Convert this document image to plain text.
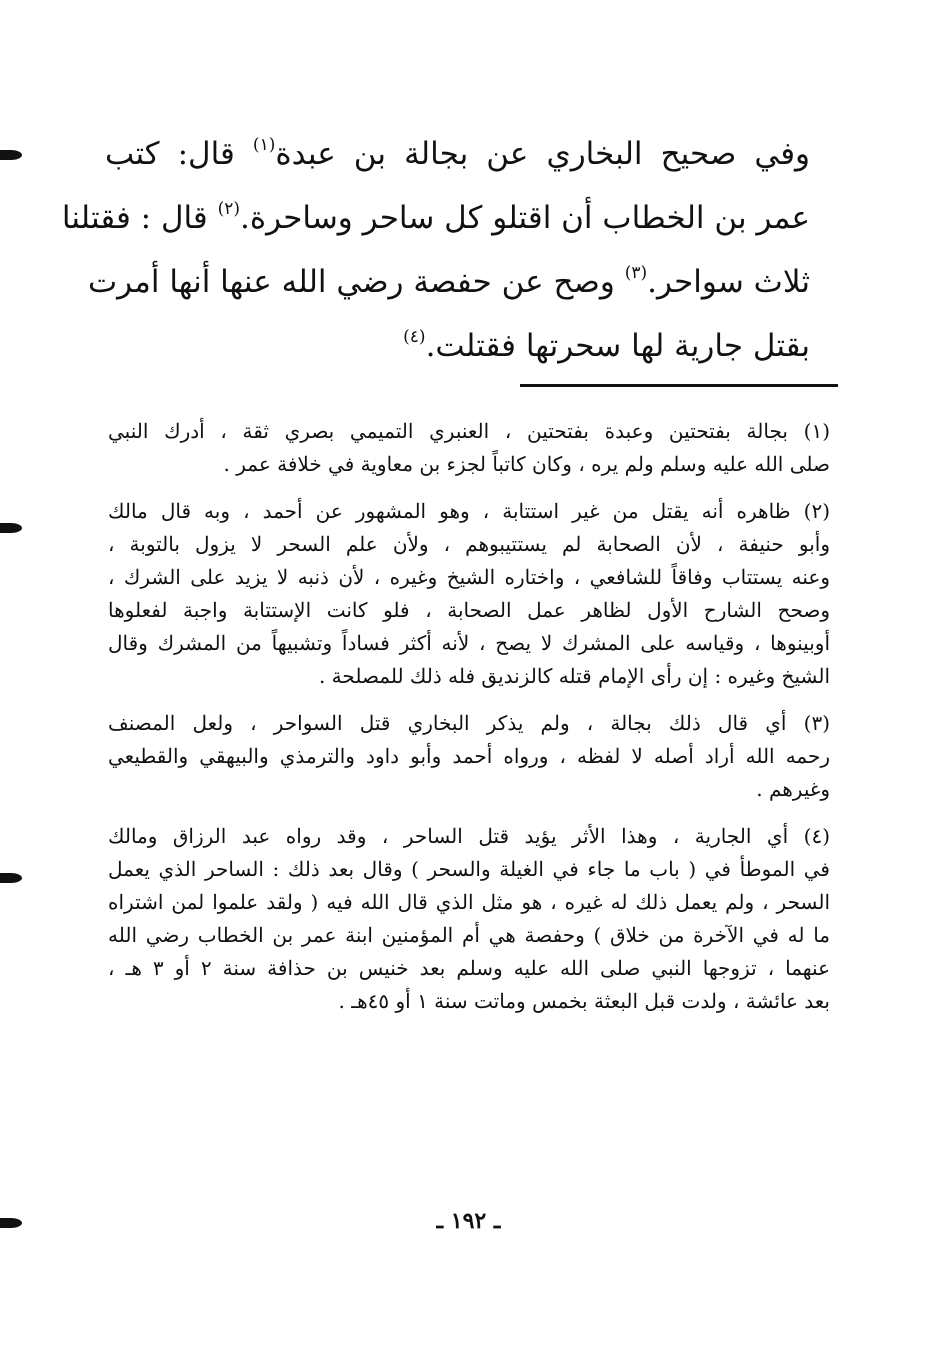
وفي صحيح البخاري عن بجالة بن عبدة$^{(١)}$ قال: كتب
عمر بن الخطاب أن اقتلو كل ساحر وساحرة.$^{(٢)}$ قال : فقتلنا
ثلاث سواحر.$^{(٣)}$ وصح عن حفصة رضي الله عنها أنها أمرت
بقتل جارية لها سحرتها فقتلت.$^{(٤)}$
(١) بجالة بفتحتين وعبدة بفتحتين ، العنبري التميمي بصري ثقة ، أدرك النبي
صلى الله عليه وسلم ولم يره ، وكان كاتباً لجزء بن معاوية في خلافة عمر .
(٢) ظاهره أنه يقتل من غير استتابة ، وهو المشهور عن أحمد ، وبه قال مالك
وأبو حنيفة ، لأن الصحابة لم يستتيبوهم ، ولأن علم السحر لا يزول بالتوبة ،
وعنه يستتاب وفاقاً للشافعي ، واختاره الشيخ وغيره ، لأن ذنبه لا يزيد على الشرك ،
وصحح الشارح الأول لظاهر عمل الصحابة ، فلو كانت الإستتابة واجبة لفعلوها
أوبينوها ، وقياسه على المشرك لا يصح ، لأنه أكثر فساداً وتشبيهاً من المشرك وقال
الشيخ وغيره : إن رأى الإمام قتله كالزنديق فله ذلك للمصلحة .
(٣) أي قال ذلك بجالة ، ولم يذكر البخاري قتل السواحر ، ولعل المصنف
رحمه الله أراد أصله لا لفظه ، ورواه أحمد وأبو داود والترمذي والبيهقي والقطيعي
وغيرهم .
(٤) أي الجارية ، وهذا الأثر يؤيد قتل الساحر ، وقد رواه عبد الرزاق ومالك
في الموطأ في ( باب ما جاء في الغيلة والسحر ) وقال بعد ذلك : الساحر الذي يعمل
السحر ، ولم يعمل ذلك له غيره ، هو مثل الذي قال الله فيه ( ولقد علموا لمن اشتراه
ما له في الآخرة من خلاق ) وحفصة هي أم المؤمنين ابنة عمر بن الخطاب رضي الله
عنهما ، تزوجها النبي صلى الله عليه وسلم بعد خنيس بن حذافة سنة ٢ أو ٣ هـ ،
بعد عائشة ، ولدت قبل البعثة بخمس وماتت سنة ١ أو ٤٥هـ .
ـ ١٩٢ ـ
